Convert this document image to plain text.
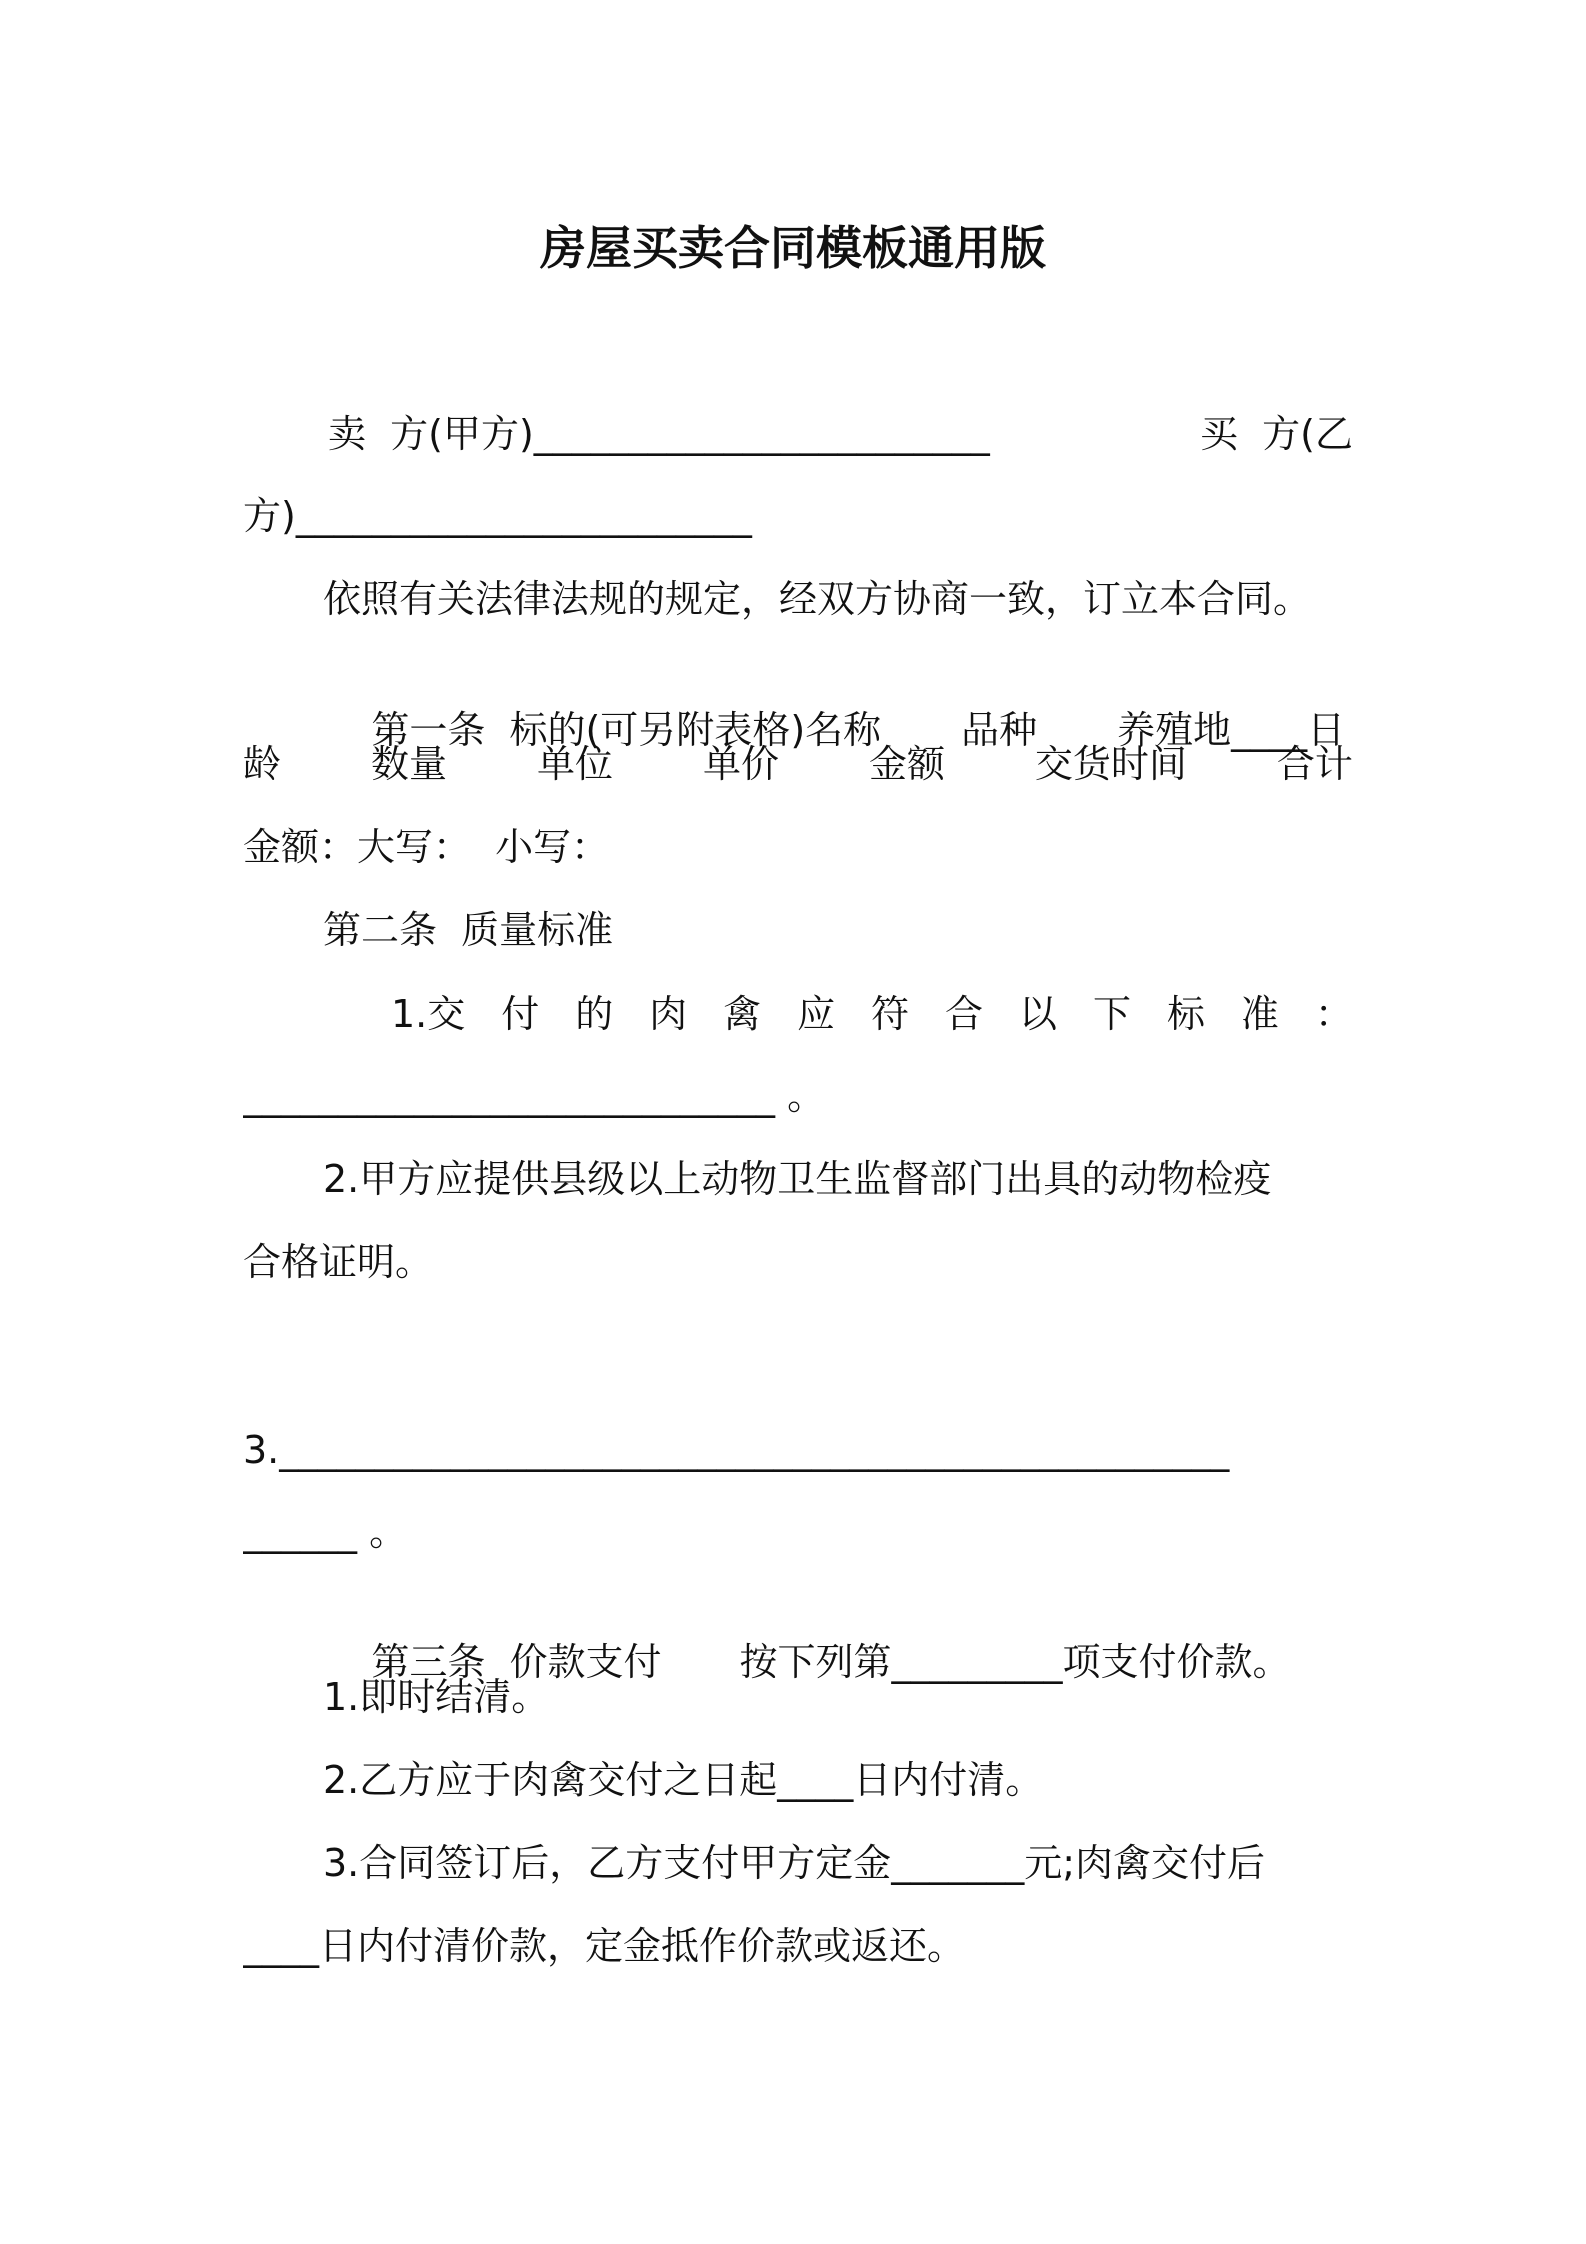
房屋买卖合同模板通用版
卖  方(甲方)________________________	买  方(乙
方)________________________
依照有关法律法规的规定，经双方协商一致，订立本合同。

第一条  标的(可另附表格)名称 品种 养殖地____日

龄 数量 单位 单价 金额 交货时间 合计
金额：大写：  小写：
第二条  质量标准
1.交 付 的 肉 禽 应 符 合 以 下 标 准 ：
____________________________ 。
2.甲方应提供县级以上动物卫生监督部门出具的动物检疫
合格证明。
3.__________________________________________________
______ 。

第三条  价款支付 按下列第_________项支付价款。

1.即时结清。
2.乙方应于肉禽交付之日起____日内付清。
3.合同签订后，乙方支付甲方定金_______元;肉禽交付后
____日内付清价款，定金抵作价款或返还。
